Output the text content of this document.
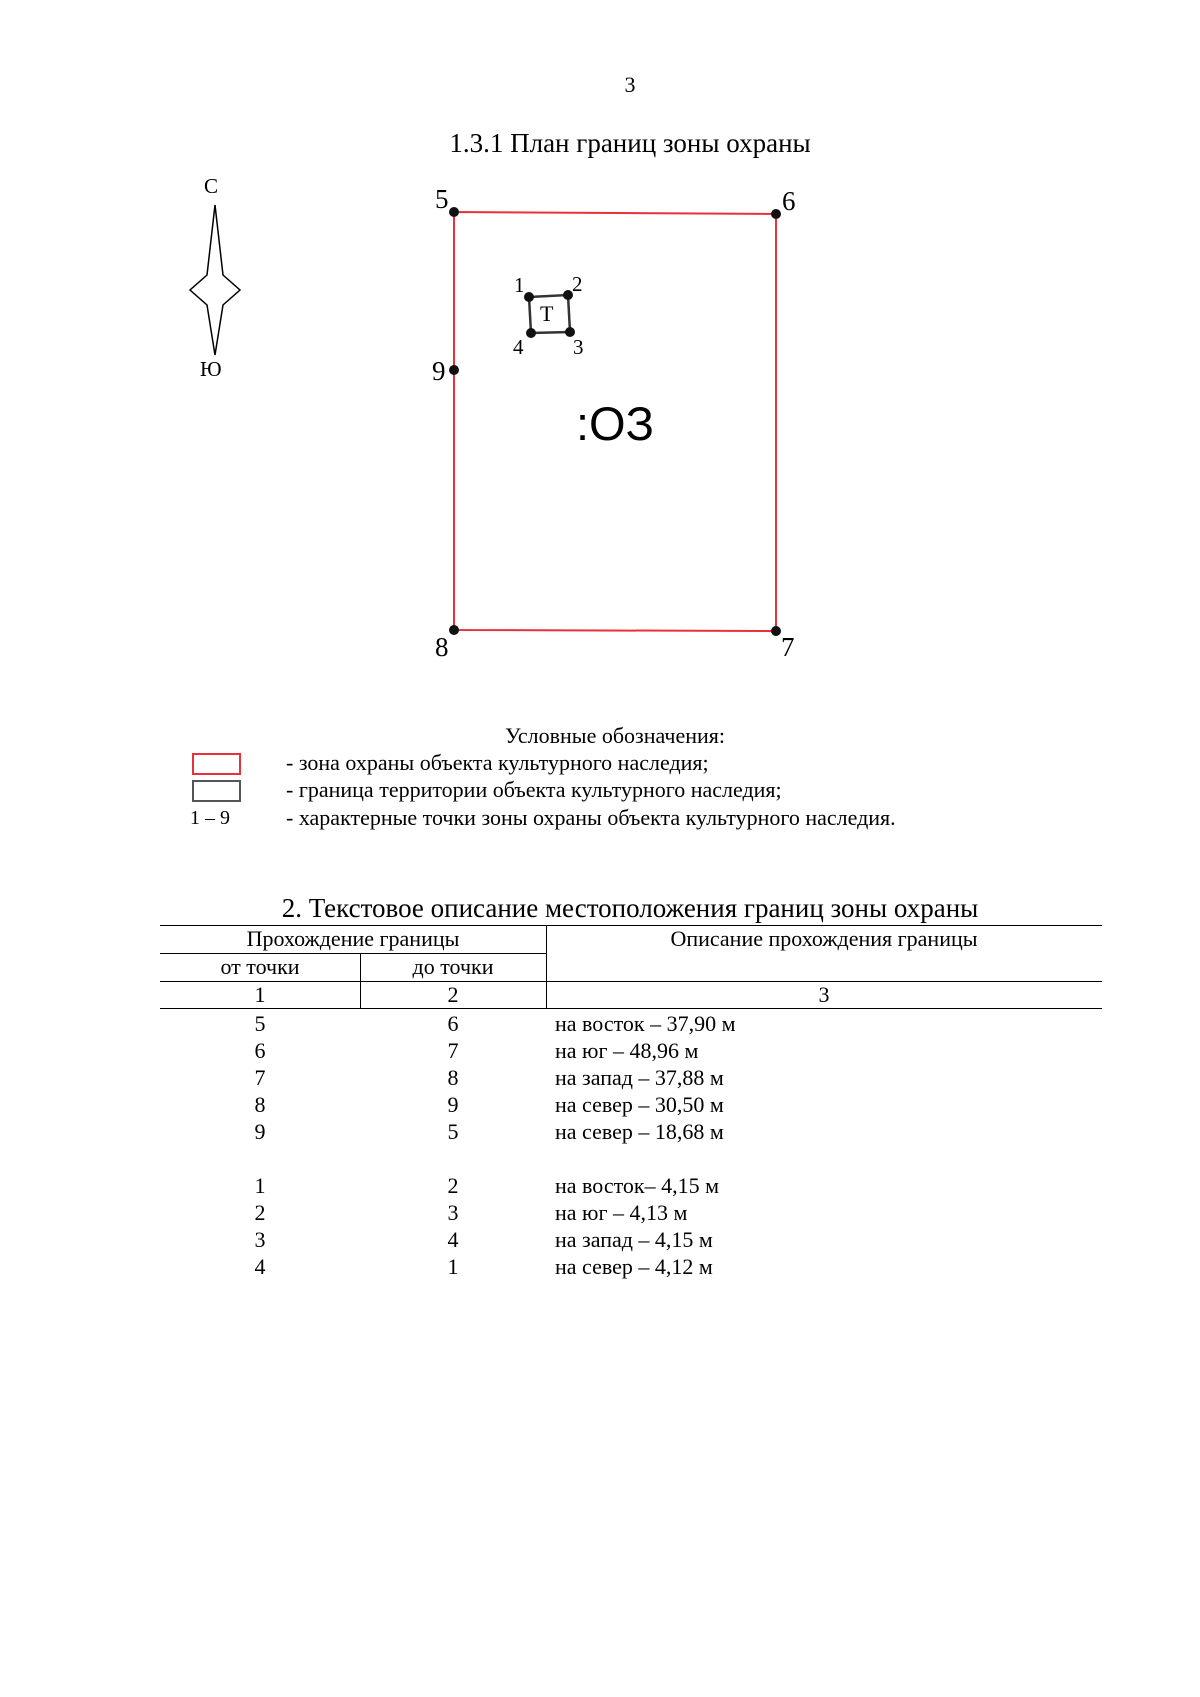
3
1.3.1 План границ зоны охраны
С
Ю
5	6
7
8
9
1 2
3
4
Т
:ОЗ
Условные обозначения:
- зона охраны объекта культурного наследия;
- граница территории объекта культурного наследия;
1 – 9	- характерные точки зоны охраны объекта культурного наследия.
2. Текстовое описание местоположения границ зоны охраны
Прохождение границы
от точки	до точки
Описание прохождения границы
1	2	3
5	6	на восток – 37,90 м
6	7	на юг – 48,96 м
7	8	на запад – 37,88 м
8	9	на север – 30,50 м
9	5	на север – 18,68 м
1	2	на восток– 4,15 м
2	3	на юг – 4,13 м
3	4	на запад – 4,15 м
4	1	на север – 4,12 м
